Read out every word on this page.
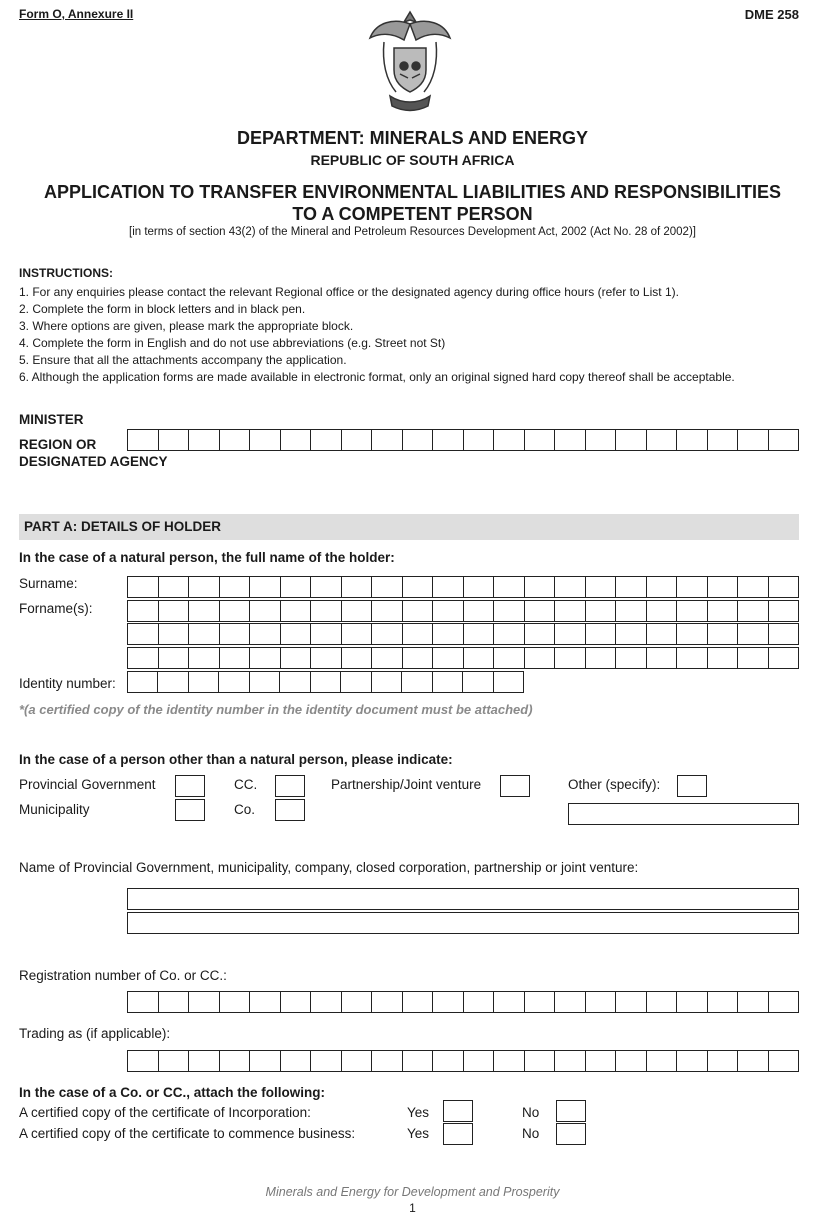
Form O, Annexure II	DME 258
DEPARTMENT: MINERALS AND ENERGY
REPUBLIC OF SOUTH AFRICA
APPLICATION TO TRANSFER ENVIRONMENTAL LIABILITIES AND RESPONSIBILITIES TO A COMPETENT PERSON
[in terms of section 43(2) of the Mineral and Petroleum Resources Development Act, 2002 (Act No. 28 of 2002)]
INSTRUCTIONS:
1. For any enquiries please contact the relevant Regional office or the designated agency during office hours (refer to List 1).
2. Complete the form in block letters and in black pen.
3. Where options are given, please mark the appropriate block.
4. Complete the form in English and do not use abbreviations (e.g. Street not St)
5. Ensure that all the attachments accompany the application.
6. Although the application forms are made available in electronic format, only an original signed hard copy thereof shall be acceptable.
MINISTER
REGION OR
DESIGNATED AGENCY
PART A: DETAILS OF HOLDER
In the case of a natural person, the full name of the holder:
Surname:
Forname(s):
Identity number:
*(a certified copy of the identity number in the identity document must be attached)
In the case of a person other than a natural person, please indicate:
Provincial Government	CC.	Partnership/Joint venture	Other (specify):
Municipality	Co.
Name of Provincial Government, municipality, company, closed corporation, partnership or joint venture:
Registration number of Co. or CC.:
Trading as (if applicable):
In the case of a Co. or CC., attach the following:
A certified copy of the certificate of Incorporation:	Yes	No
A certified copy of the certificate to commence business:	Yes	No
Minerals and Energy for Development and Prosperity
1
